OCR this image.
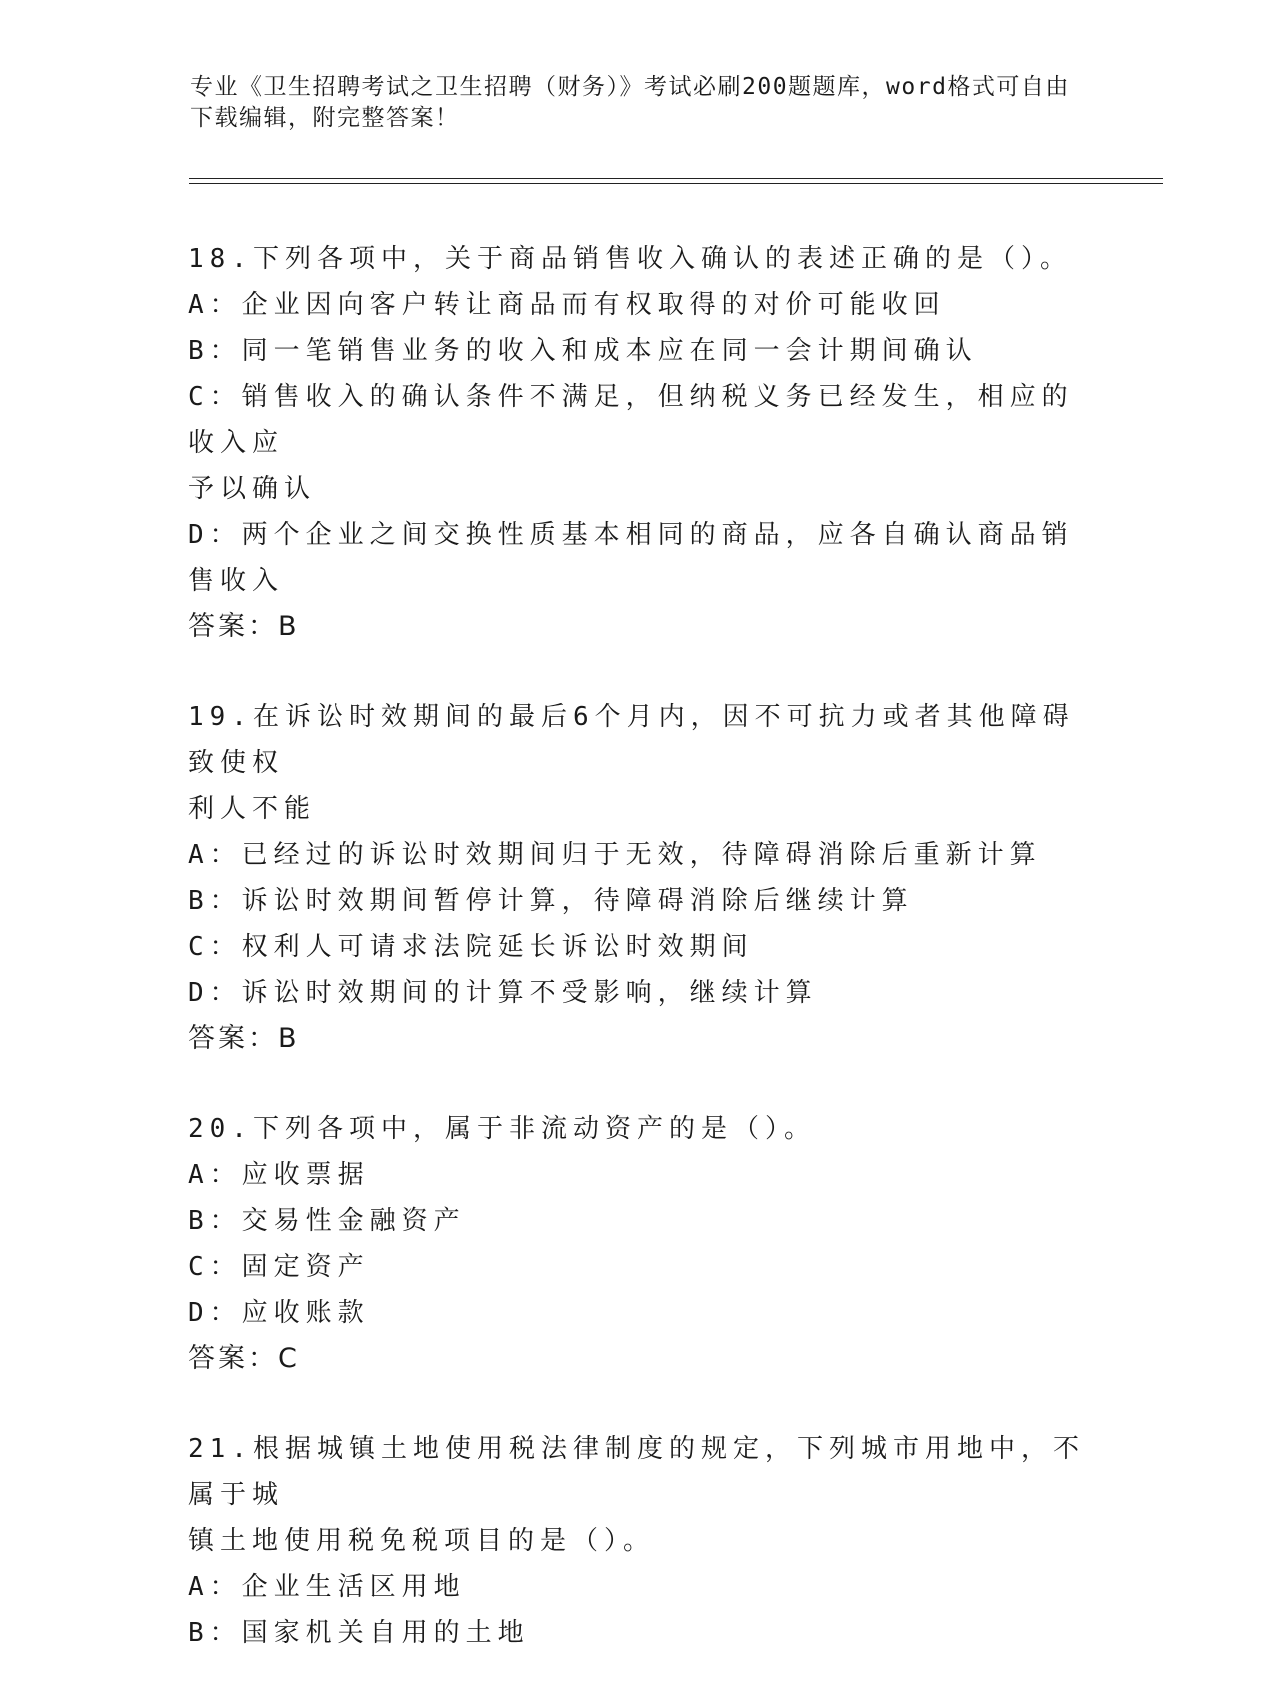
专业《卫生招聘考试之卫生招聘（财务）》考试必刷200题题库，word格式可自由下载编辑，附完整答案！
18.下列各项中，关于商品销售收入确认的表述正确的是（）。
A：企业因向客户转让商品而有权取得的对价可能收回
B：同一笔销售业务的收入和成本应在同一会计期间确认
C：销售收入的确认条件不满足，但纳税义务已经发生，相应的收入应
予以确认
D：两个企业之间交换性质基本相同的商品，应各自确认商品销售收入
答案：B
19.在诉讼时效期间的最后6个月内，因不可抗力或者其他障碍致使权
利人不能
A：已经过的诉讼时效期间归于无效，待障碍消除后重新计算
B：诉讼时效期间暂停计算，待障碍消除后继续计算
C：权利人可请求法院延长诉讼时效期间
D：诉讼时效期间的计算不受影响，继续计算
答案：B
20.下列各项中，属于非流动资产的是（）。
A：应收票据
B：交易性金融资产
C：固定资产
D：应收账款
答案：C
21.根据城镇土地使用税法律制度的规定，下列城市用地中，不属于城
镇土地使用税免税项目的是（）。
A：企业生活区用地
B：国家机关自用的土地
